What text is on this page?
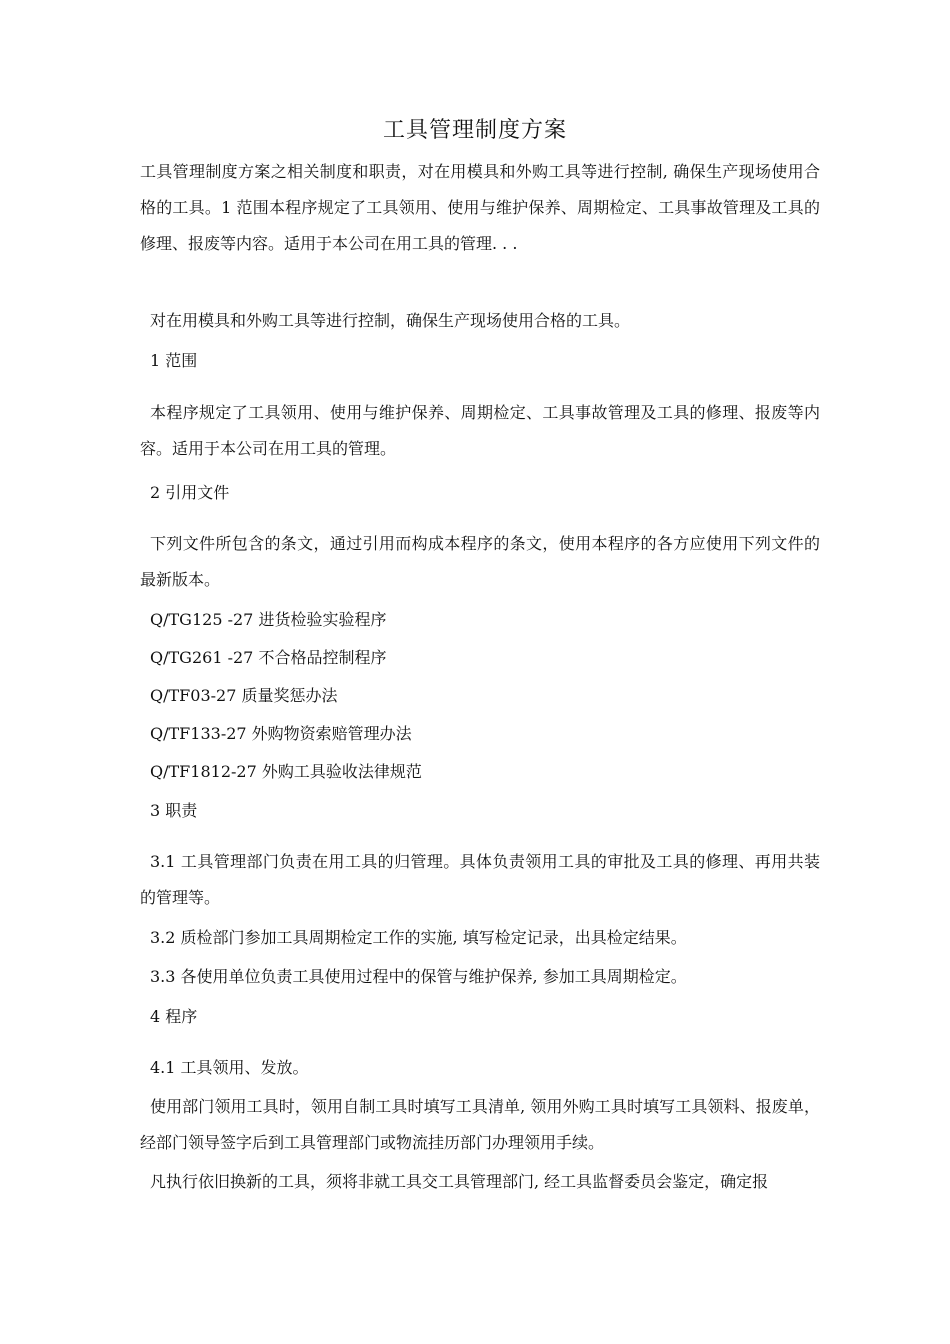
工具管理制度方案
工具管理制度方案之相关制度和职责，对在用模具和外购工具等进行控制, 确保生产现场使用合格的工具。1 范围本程序规定了工具领用、使用与维护保养、周期检定、工具事故管理及工具的修理、报废等内容。适用于本公司在用工具的管理. . .
对在用模具和外购工具等进行控制，确保生产现场使用合格的工具。
1 范围
本程序规定了工具领用、使用与维护保养、周期检定、工具事故管理及工具的修理、报废等内容。适用于本公司在用工具的管理。
2 引用文件
下列文件所包含的条文，通过引用而构成本程序的条文，使用本程序的各方应使用下列文件的最新版本。
Q/TG125 -27 进货检验实验程序
Q/TG261 -27 不合格品控制程序
Q/TF03-27 质量奖惩办法
Q/TF133-27 外购物资索赔管理办法
Q/TF1812-27 外购工具验收法律规范
3 职责
3.1 工具管理部门负责在用工具的归管理。具体负责领用工具的审批及工具的修理、再用共装的管理等。
3.2 质检部门参加工具周期检定工作的实施, 填写检定记录，出具检定结果。
3.3 各使用单位负责工具使用过程中的保管与维护保养, 参加工具周期检定。
4 程序
4.1 工具领用、发放。
使用部门领用工具时，领用自制工具时填写工具清单, 领用外购工具时填写工具领料、报废单，经部门领导签字后到工具管理部门或物流挂历部门办理领用手续。
凡执行依旧换新的工具，须将非就工具交工具管理部门, 经工具监督委员会鉴定，确定报
